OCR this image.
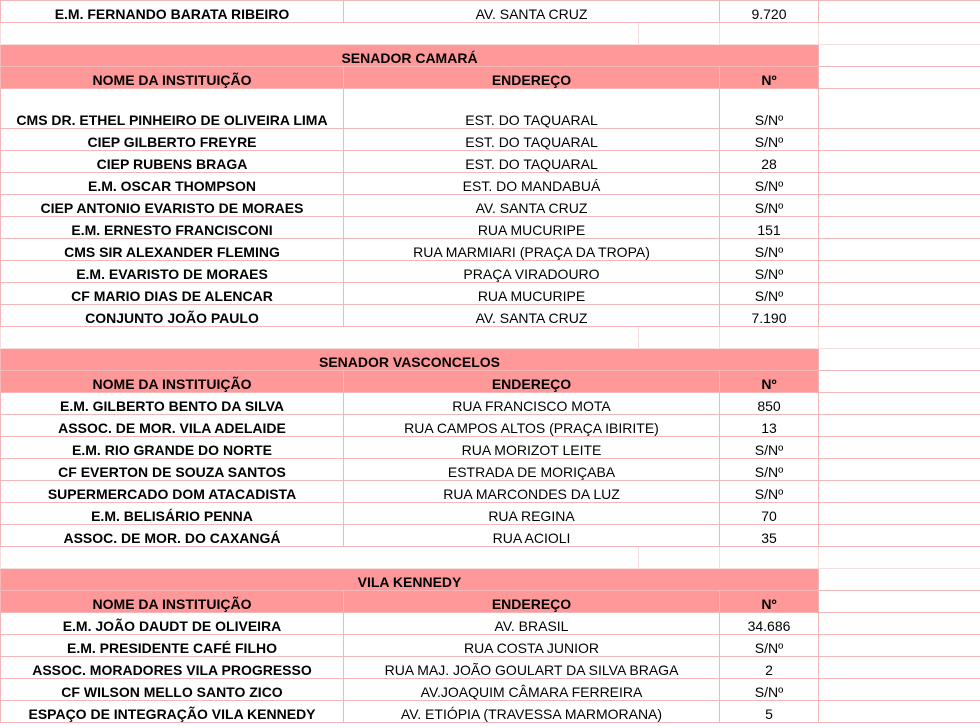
E.M. FERNANDO BARATA RIBEIRO	AV. SANTA CRUZ		9.720	

SENADOR CAMARÁ				
NOME DA INSTITUIÇÃO	ENDEREÇO		Nº	
CMS DR. ETHEL PINHEIRO DE OLIVEIRA LIMA	EST. DO TAQUARAL		S/Nº	
CIEP GILBERTO FREYRE	EST. DO TAQUARAL		S/Nº	
CIEP RUBENS BRAGA	EST. DO TAQUARAL		28	
E.M. OSCAR THOMPSON	EST. DO MANDABUÁ		S/Nº	
CIEP ANTONIO EVARISTO DE MORAES	AV. SANTA CRUZ		S/Nº	
E.M. ERNESTO FRANCISCONI	RUA MUCURIPE		151	
CMS SIR ALEXANDER FLEMING	RUA MARMIARI (PRAÇA DA TROPA)		S/Nº	
E.M. EVARISTO DE MORAES	PRAÇA VIRADOURO		S/Nº	
CF MARIO DIAS DE ALENCAR	RUA MUCURIPE		S/Nº	
CONJUNTO JOÃO PAULO	AV. SANTA CRUZ		7.190	

SENADOR VASCONCELOS				
NOME DA INSTITUIÇÃO	ENDEREÇO		Nº	
E.M. GILBERTO BENTO DA SILVA	RUA FRANCISCO MOTA		850	
ASSOC. DE MOR. VILA ADELAIDE	RUA CAMPOS ALTOS (PRAÇA IBIRITE)		13	
E.M. RIO GRANDE DO NORTE	RUA MORIZOT LEITE		S/Nº	
CF EVERTON DE SOUZA SANTOS	ESTRADA DE MORIÇABA		S/Nº	
SUPERMERCADO DOM ATACADISTA	RUA MARCONDES DA LUZ		S/Nº	
E.M. BELISÁRIO PENNA	RUA REGINA		70	
ASSOC. DE MOR. DO CAXANGÁ	RUA ACIOLI		35	

VILA KENNEDY				
NOME DA INSTITUIÇÃO	ENDEREÇO		Nº	
E.M. JOÃO DAUDT DE OLIVEIRA	AV. BRASIL		34.686	
E.M. PRESIDENTE CAFÉ FILHO	RUA COSTA JUNIOR		S/Nº	
ASSOC. MORADORES VILA PROGRESSO	RUA MAJ. JOÃO GOULART DA SILVA BRAGA		2	
CF WILSON MELLO SANTO ZICO	AV.JOAQUIM CÂMARA FERREIRA		S/Nº	
ESPAÇO DE INTEGRAÇÃO VILA KENNEDY	AV. ETIÓPIA (TRAVESSA MARMORANA)		5	
